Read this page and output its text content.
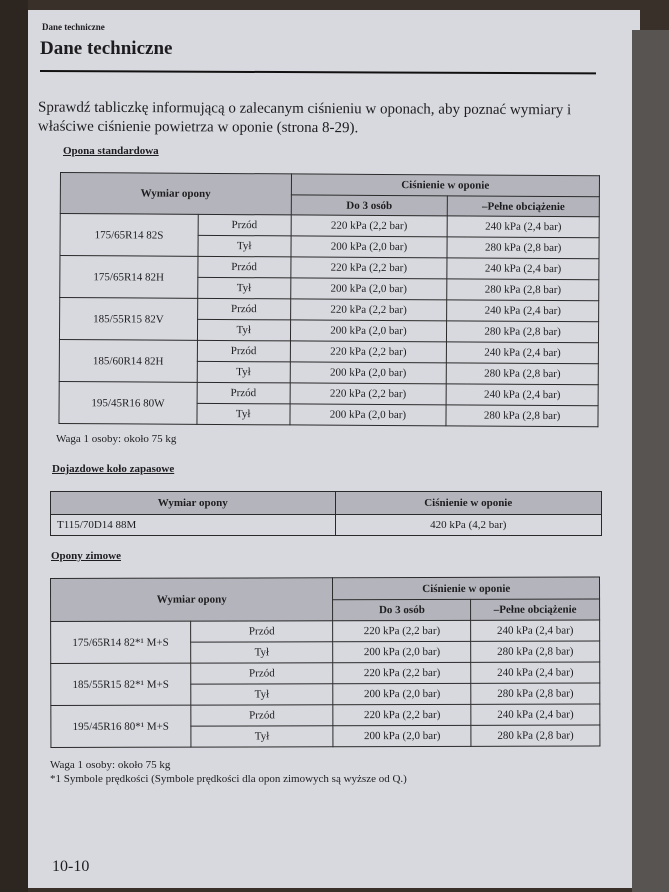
Dane techniczne
Dane techniczne
Sprawdź tabliczkę informującą o zalecanym ciśnieniu w oponach, aby poznać wymiary i właściwe ciśnienie powietrza w oponie (strona 8-29).
Opona standardowa
Wymiar opony		Ciśnienie w oponie	
		Do 3 osób	–Pełne obciążenie
175/65R14 82S	Przód	220 kPa (2,2 bar)	240 kPa (2,4 bar)
	Tył	200 kPa (2,0 bar)	280 kPa (2,8 bar)
175/65R14 82H	Przód	220 kPa (2,2 bar)	240 kPa (2,4 bar)
	Tył	200 kPa (2,0 bar)	280 kPa (2,8 bar)
185/55R15 82V	Przód	220 kPa (2,2 bar)	240 kPa (2,4 bar)
	Tył	200 kPa (2,0 bar)	280 kPa (2,8 bar)
185/60R14 82H	Przód	220 kPa (2,2 bar)	240 kPa (2,4 bar)
	Tył	200 kPa (2,0 bar)	280 kPa (2,8 bar)
195/45R16 80W	Przód	220 kPa (2,2 bar)	240 kPa (2,4 bar)
	Tył	200 kPa (2,0 bar)	280 kPa (2,8 bar)
Waga 1 osoby: około 75 kg
Dojazdowe koło zapasowe
Wymiar opony	Ciśnienie w oponie
T115/70D14 88M	420 kPa (4,2 bar)
Opony zimowe
Wymiar opony		Ciśnienie w oponie	
		Do 3 osób	–Pełne obciążenie
175/65R14 82*¹ M+S	Przód	220 kPa (2,2 bar)	240 kPa (2,4 bar)
	Tył	200 kPa (2,0 bar)	280 kPa (2,8 bar)
185/55R15 82*¹ M+S	Przód	220 kPa (2,2 bar)	240 kPa (2,4 bar)
	Tył	200 kPa (2,0 bar)	280 kPa (2,8 bar)
195/45R16 80*¹ M+S	Przód	220 kPa (2,2 bar)	240 kPa (2,4 bar)
	Tył	200 kPa (2,0 bar)	280 kPa (2,8 bar)
Waga 1 osoby: około 75 kg
*1 Symbole prędkości (Symbole prędkości dla opon zimowych są wyższe od Q.)
10-10
